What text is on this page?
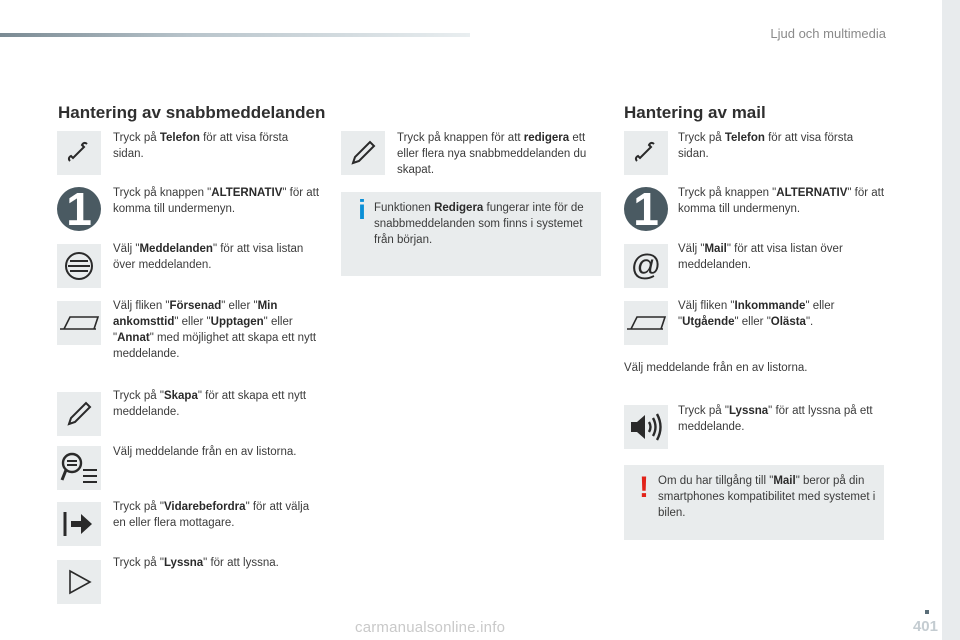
Ljud och multimedia
Hantering av snabbmeddelanden
Tryck på Telefon för att visa första sidan.
1	Tryck på knappen "ALTERNATIV" för att komma till undermenyn.
Välj "Meddelanden" för att visa listan över meddelanden.
Välj fliken "Försenad" eller "Min ankomsttid" eller "Upptagen" eller "Annat" med möjlighet att skapa ett nytt meddelande.
Tryck på "Skapa" för att skapa ett nytt meddelande.
Välj meddelande från en av listorna.
Tryck på "Vidarebefordra" för att välja en eller flera mottagare.
Tryck på "Lyssna" för att lyssna.
Tryck på knappen för att redigera ett eller flera nya snabbmeddelanden du skapat.
i Funktionen Redigera fungerar inte för de snabbmeddelanden som finns i systemet från början.
Hantering av mail
Tryck på Telefon för att visa första sidan.
1	Tryck på knappen "ALTERNATIV" för att komma till undermenyn.
@ Välj "Mail" för att visa listan över meddelanden.
Välj fliken "Inkommande" eller "Utgående" eller "Olästa".
Välj meddelande från en av listorna.
Tryck på "Lyssna" för att lyssna på ett meddelande.
! Om du har tillgång till "Mail" beror på din smartphones kompatibilitet med systemet i bilen.
401
carmanualsonline.info
